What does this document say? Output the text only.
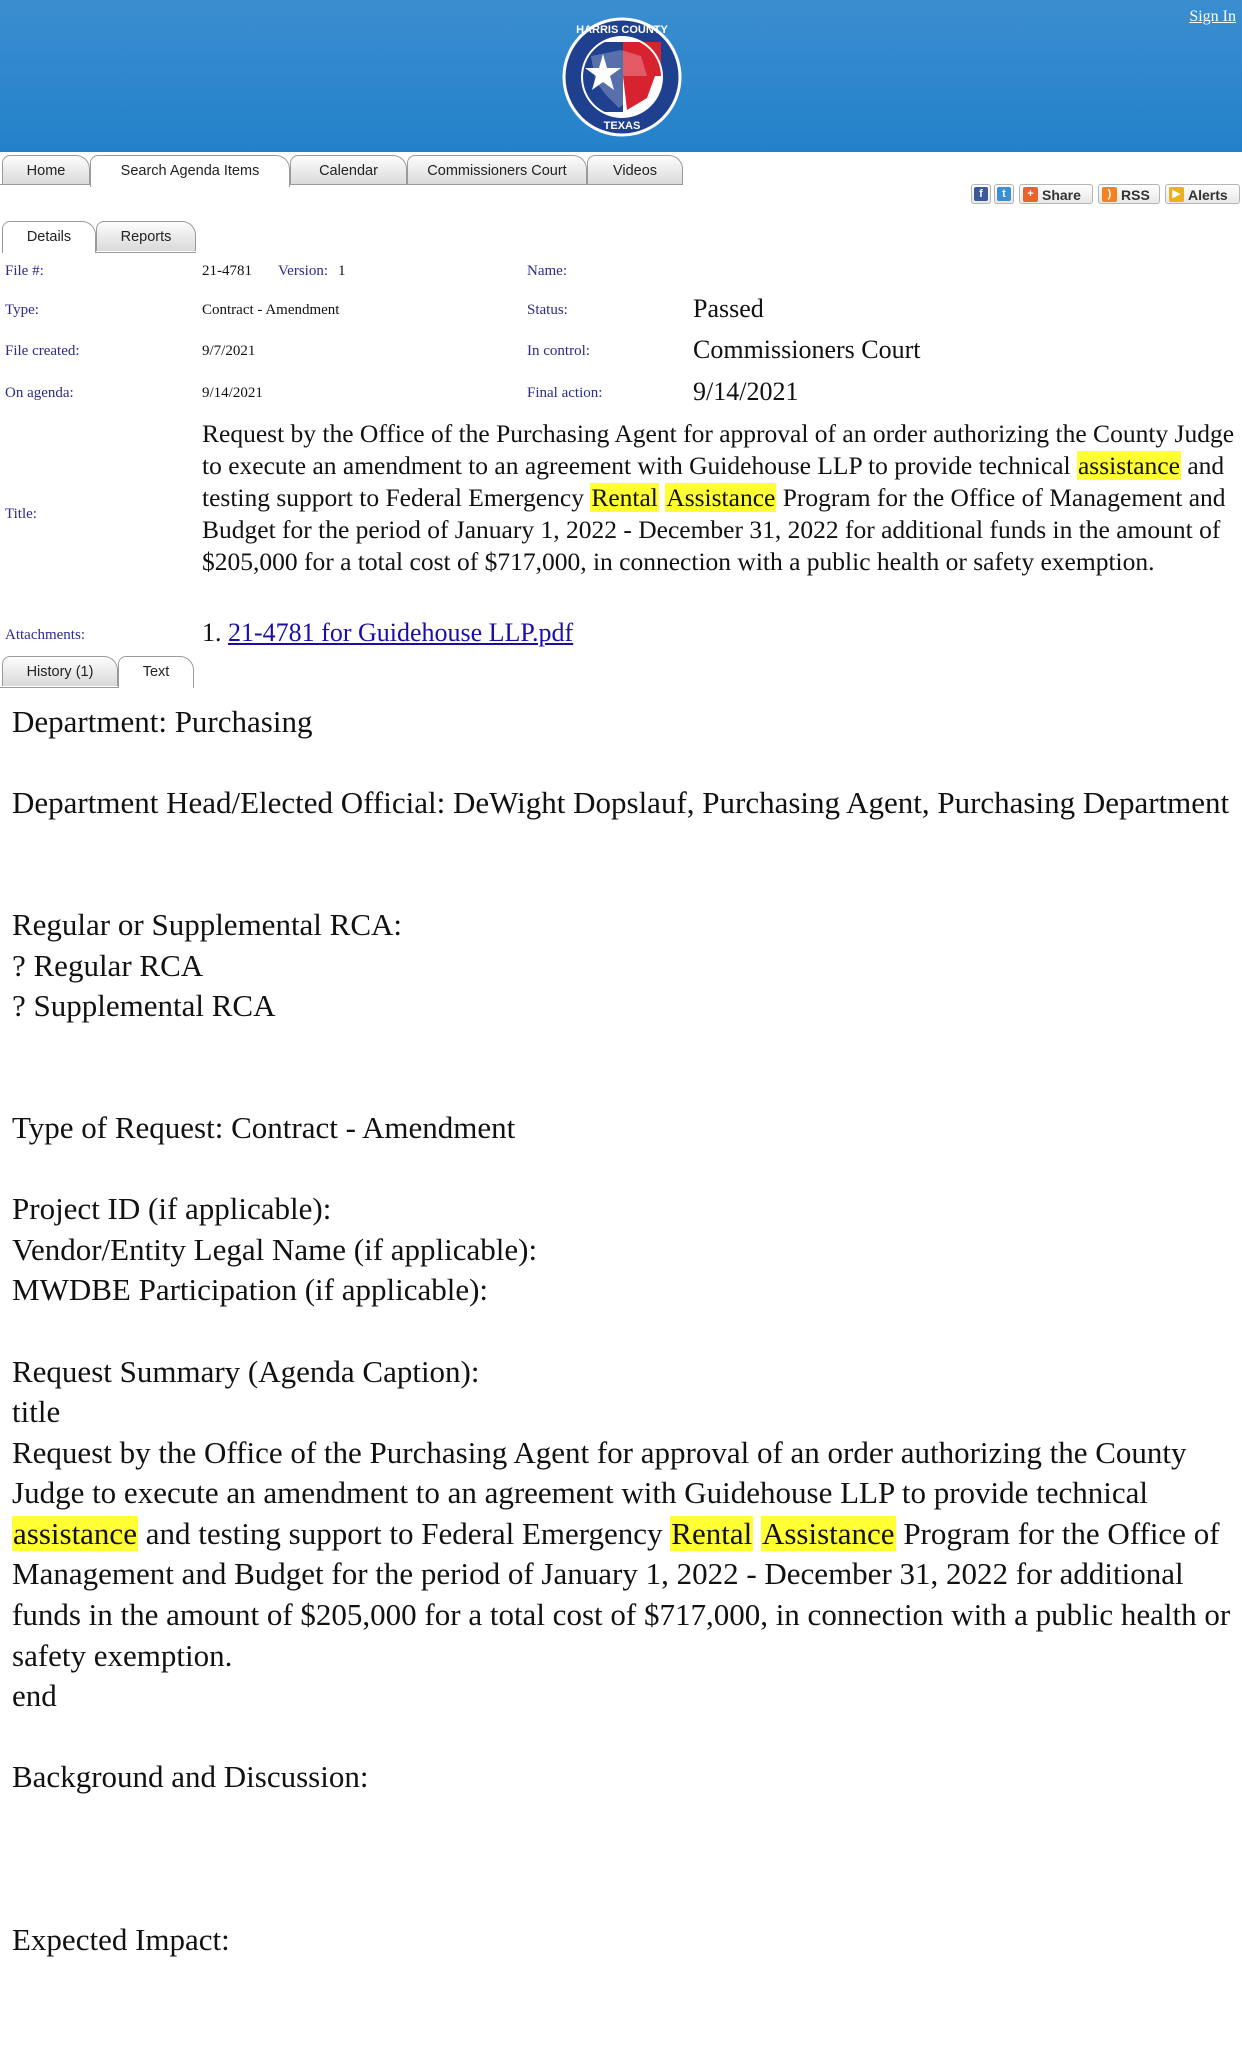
Sign In
HARRIS COUNTY
TEXAS
Home	Search Agenda Items	Calendar	Commissioners Court	Videos
f	t	+ Share	) RSS	▶ Alerts
Details	Reports
File #:	21-4781 Version: 1	Name:
Type:	Contract - Amendment	Status:	Passed
File created:	9/7/2021	In control:	Commissioners Court
On agenda:	9/14/2021	Final action:	9/14/2021
Title:
Request by the Office of the Purchasing Agent for approval of an order authorizing the County Judge to execute an amendment to an agreement with Guidehouse LLP to provide technical assistance and testing support to Federal Emergency Rental Assistance Program for the Office of Management and Budget for the period of January 1, 2022 - December 31, 2022 for additional funds in the amount of $205,000 for a total cost of $717,000, in connection with a public health or safety exemption.
Attachments:	1. 21-4781 for Guidehouse LLP.pdf
History (1)	Text

Department: Purchasing

Department Head/Elected Official: DeWight Dopslauf, Purchasing Agent, Purchasing Department

Regular or Supplemental RCA:

? Regular RCA

? Supplemental RCA

Type of Request: Contract - Amendment

Project ID (if applicable):

Vendor/Entity Legal Name (if applicable):

MWDBE Participation (if applicable):

Request Summary (Agenda Caption):

title

Request by the Office of the Purchasing Agent for approval of an order authorizing the County Judge to execute an amendment to an agreement with Guidehouse LLP to provide technical assistance and testing support to Federal Emergency Rental Assistance Program for the Office of Management and Budget for the period of January 1, 2022 - December 31, 2022 for additional funds in the amount of $205,000 for a total cost of $717,000, in connection with a public health or safety exemption.

end

Background and Discussion:

Expected Impact:
